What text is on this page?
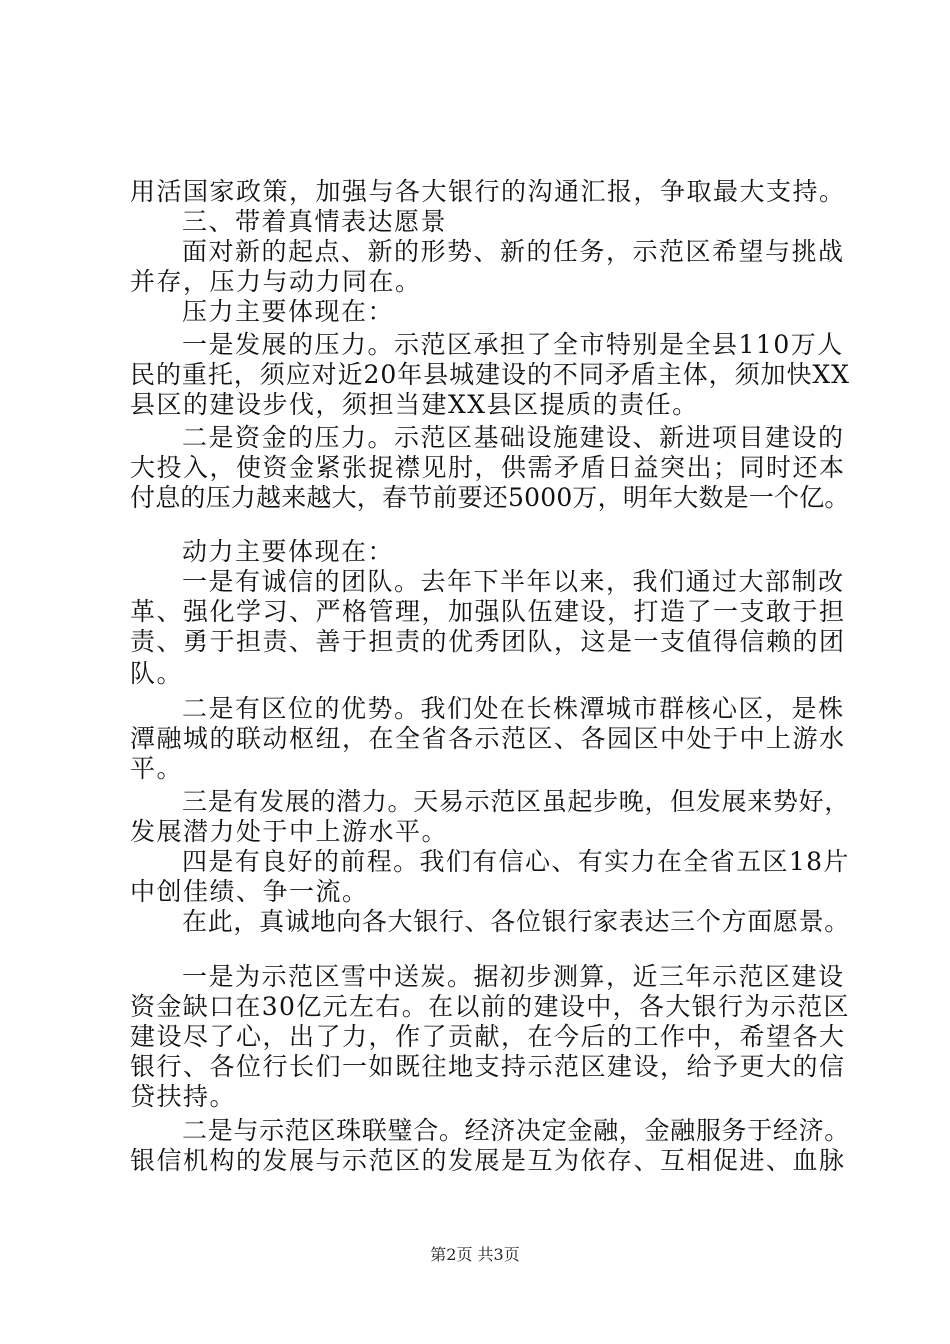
用活国家政策，加强与各大银行的沟通汇报，争取最大支持。
三、带着真情表达愿景
面对新的起点、新的形势、新的任务，示范区希望与挑战
并存，压力与动力同在。
压力主要体现在：
一是发展的压力。示范区承担了全市特别是全县110万人
民的重托，须应对近20年县城建设的不同矛盾主体，须加快XX
县区的建设步伐，须担当建XX县区提质的责任。
二是资金的压力。示范区基础设施建设、新进项目建设的
大投入，使资金紧张捉襟见肘，供需矛盾日益突出；同时还本
付息的压力越来越大，春节前要还5000万，明年大数是一个亿。
动力主要体现在：
一是有诚信的团队。去年下半年以来，我们通过大部制改
革、强化学习、严格管理，加强队伍建设，打造了一支敢于担
责、勇于担责、善于担责的优秀团队，这是一支值得信赖的团
队。
二是有区位的优势。我们处在长株潭城市群核心区，是株
潭融城的联动枢纽，在全省各示范区、各园区中处于中上游水
平。
三是有发展的潜力。天易示范区虽起步晚，但发展来势好，
发展潜力处于中上游水平。
四是有良好的前程。我们有信心、有实力在全省五区18片
中创佳绩、争一流。
在此，真诚地向各大银行、各位银行家表达三个方面愿景。
一是为示范区雪中送炭。据初步测算，近三年示范区建设
资金缺口在30亿元左右。在以前的建设中，各大银行为示范区
建设尽了心，出了力，作了贡献，在今后的工作中，希望各大
银行、各位行长们一如既往地支持示范区建设，给予更大的信
贷扶持。
二是与示范区珠联璧合。经济决定金融，金融服务于经济。
银信机构的发展与示范区的发展是互为依存、互相促进、血脉
第2页 共3页
